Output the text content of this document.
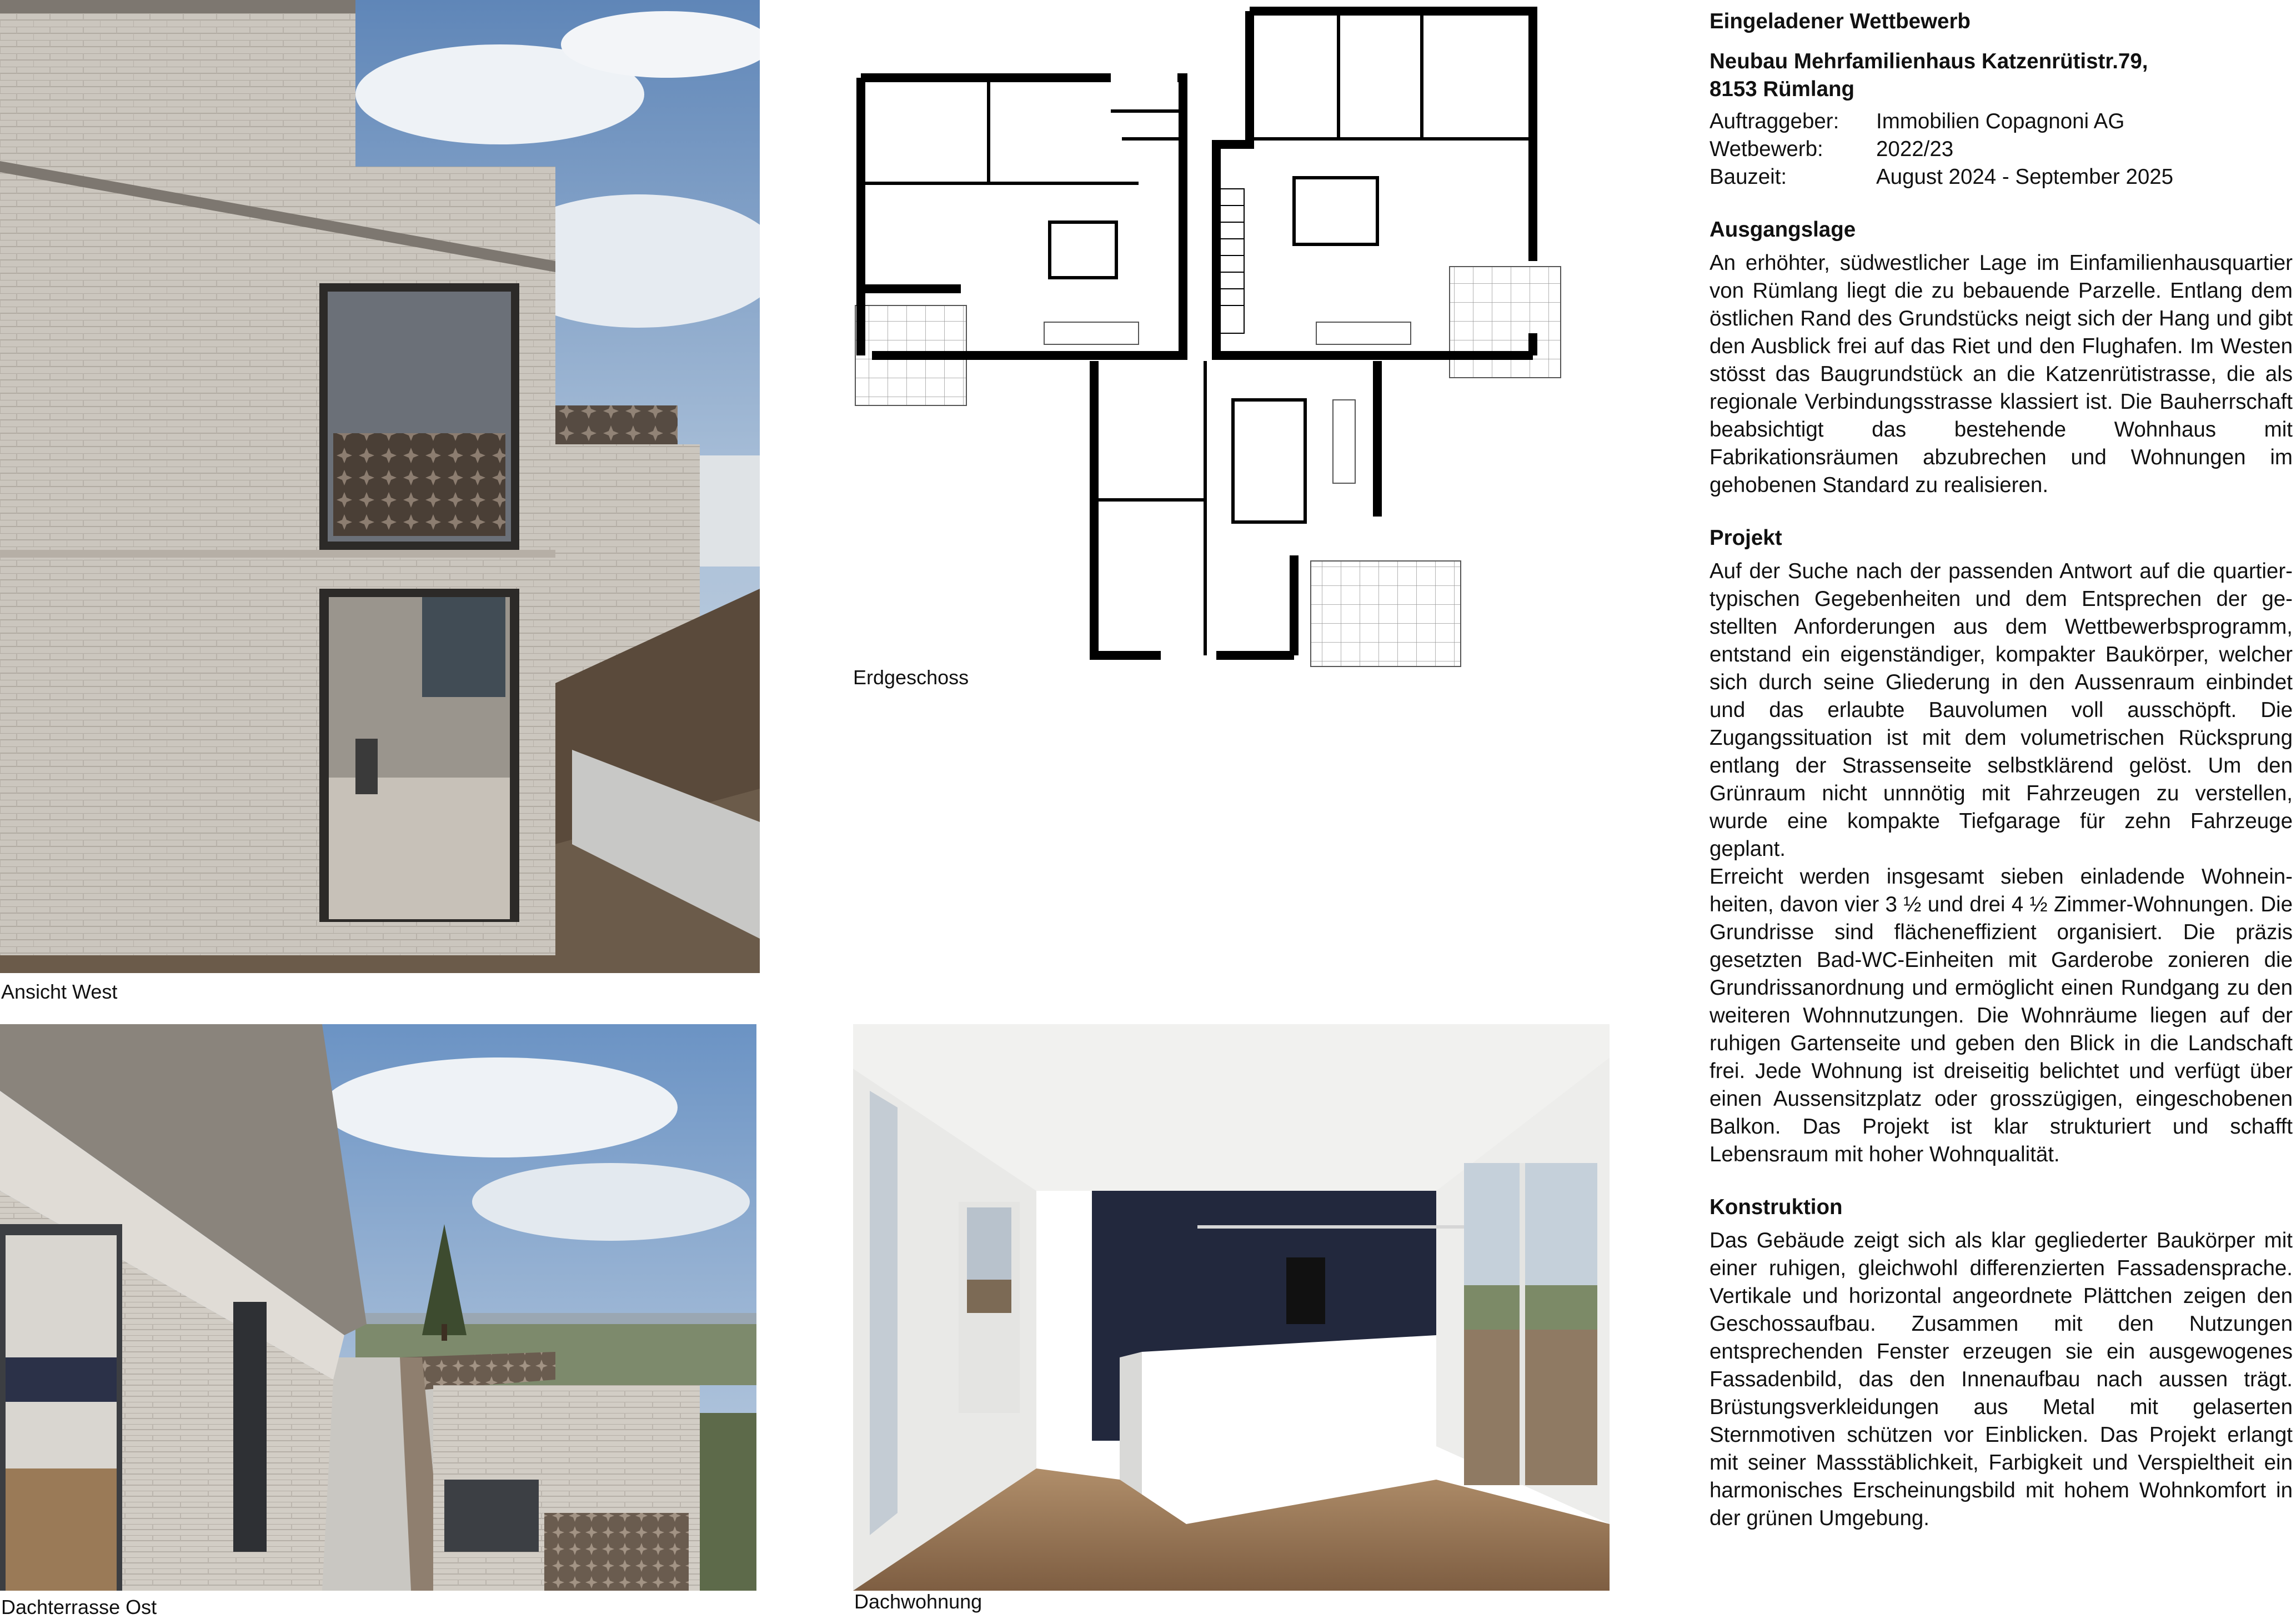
Ansicht West

Erdgeschoss

Dachterrasse Ost	Dachwohnung

Eingeladener Wettbewerb
Neubau Mehrfamilienhaus Katzenrütistr.79,
8153 Rümlang
Auftraggeber:	Immobilien Copagnoni AG
Wetbewerb:	2022/23
Bauzeit:	August 2024 - September 2025
Ausgangslage

An erhöhter, südwestlicher Lage im Einfamilienhausquartier von Rümlang liegt die zu bebauende Parzelle. Entlang dem östlichen Rand des Grundstücks neigt sich der Hang und gibt den Ausblick frei auf das Riet und den Flughafen. Im Westen stösst das Baugrundstück an die Katzenrütistrasse, die als regionale Verbindungsstrasse klassiert ist. Die Bauherrschaft beabsichtigt das bestehende Wohnhaus mit Fabrikationsräumen abzubrechen und Wohnungen im gehobenen Standard zu realisieren.

Projekt

Auf der Suche nach der passenden Antwort auf die quartiertypischen Gegebenheiten und dem Entsprechen der gestellten Anforderungen aus dem Wettbewerbsprogramm, entstand ein eigenständiger, kompakter Baukörper, welcher sich durch seine Gliederung in den Aussenraum einbindet und das erlaubte Bauvolumen voll ausschöpft. Die Zugangssituation ist mit dem volumetrischen Rücksprung entlang der Strassenseite selbstklärend gelöst. Um den Grünraum nicht unnnötig mit Fahrzeugen zu verstellen, wurde eine kompakte Tiefgarage für zehn Fahrzeuge geplant.

Erreicht werden insgesamt sieben einladende Wohneinheiten, davon vier 3 ½ und drei 4 ½ Zimmer-Wohnungen. Die Grundrisse sind flächeneffizient organisiert. Die präzis gesetzten Bad-WC-Einheiten mit Garderobe zonieren die Grundrissanordnung und ermöglicht einen Rundgang zu den weiteren Wohnnutzungen. Die Wohnräume liegen auf der ruhigen Gartenseite und geben den Blick in die Landschaft frei. Jede Wohnung ist dreiseitig belichtet und verfügt über einen Aussensitzplatz oder grosszügigen, eingeschobenen Balkon. Das Projekt ist klar strukturiert und schafft Lebensraum mit hoher Wohnqualität.

Konstruktion

Das Gebäude zeigt sich als klar gegliederter Baukörper mit einer ruhigen, gleichwohl differenzierten Fassadensprache. Vertikale und horizontal angeordnete Plättchen zeigen den Geschossaufbau. Zusammen mit den Nutzungen entsprechenden Fenster erzeugen sie ein ausgewogenes Fassadenbild, das den Innenaufbau nach aussen trägt. Brüstungsverkleidungen aus Metal mit gelaserten Sternmotiven schützen vor Einblicken. Das Projekt erlangt mit seiner Massstäblichkeit, Farbigkeit und Verspieltheit ein harmonisches Erscheinungsbild mit hohem Wohnkomfort in der grünen Umgebung.
